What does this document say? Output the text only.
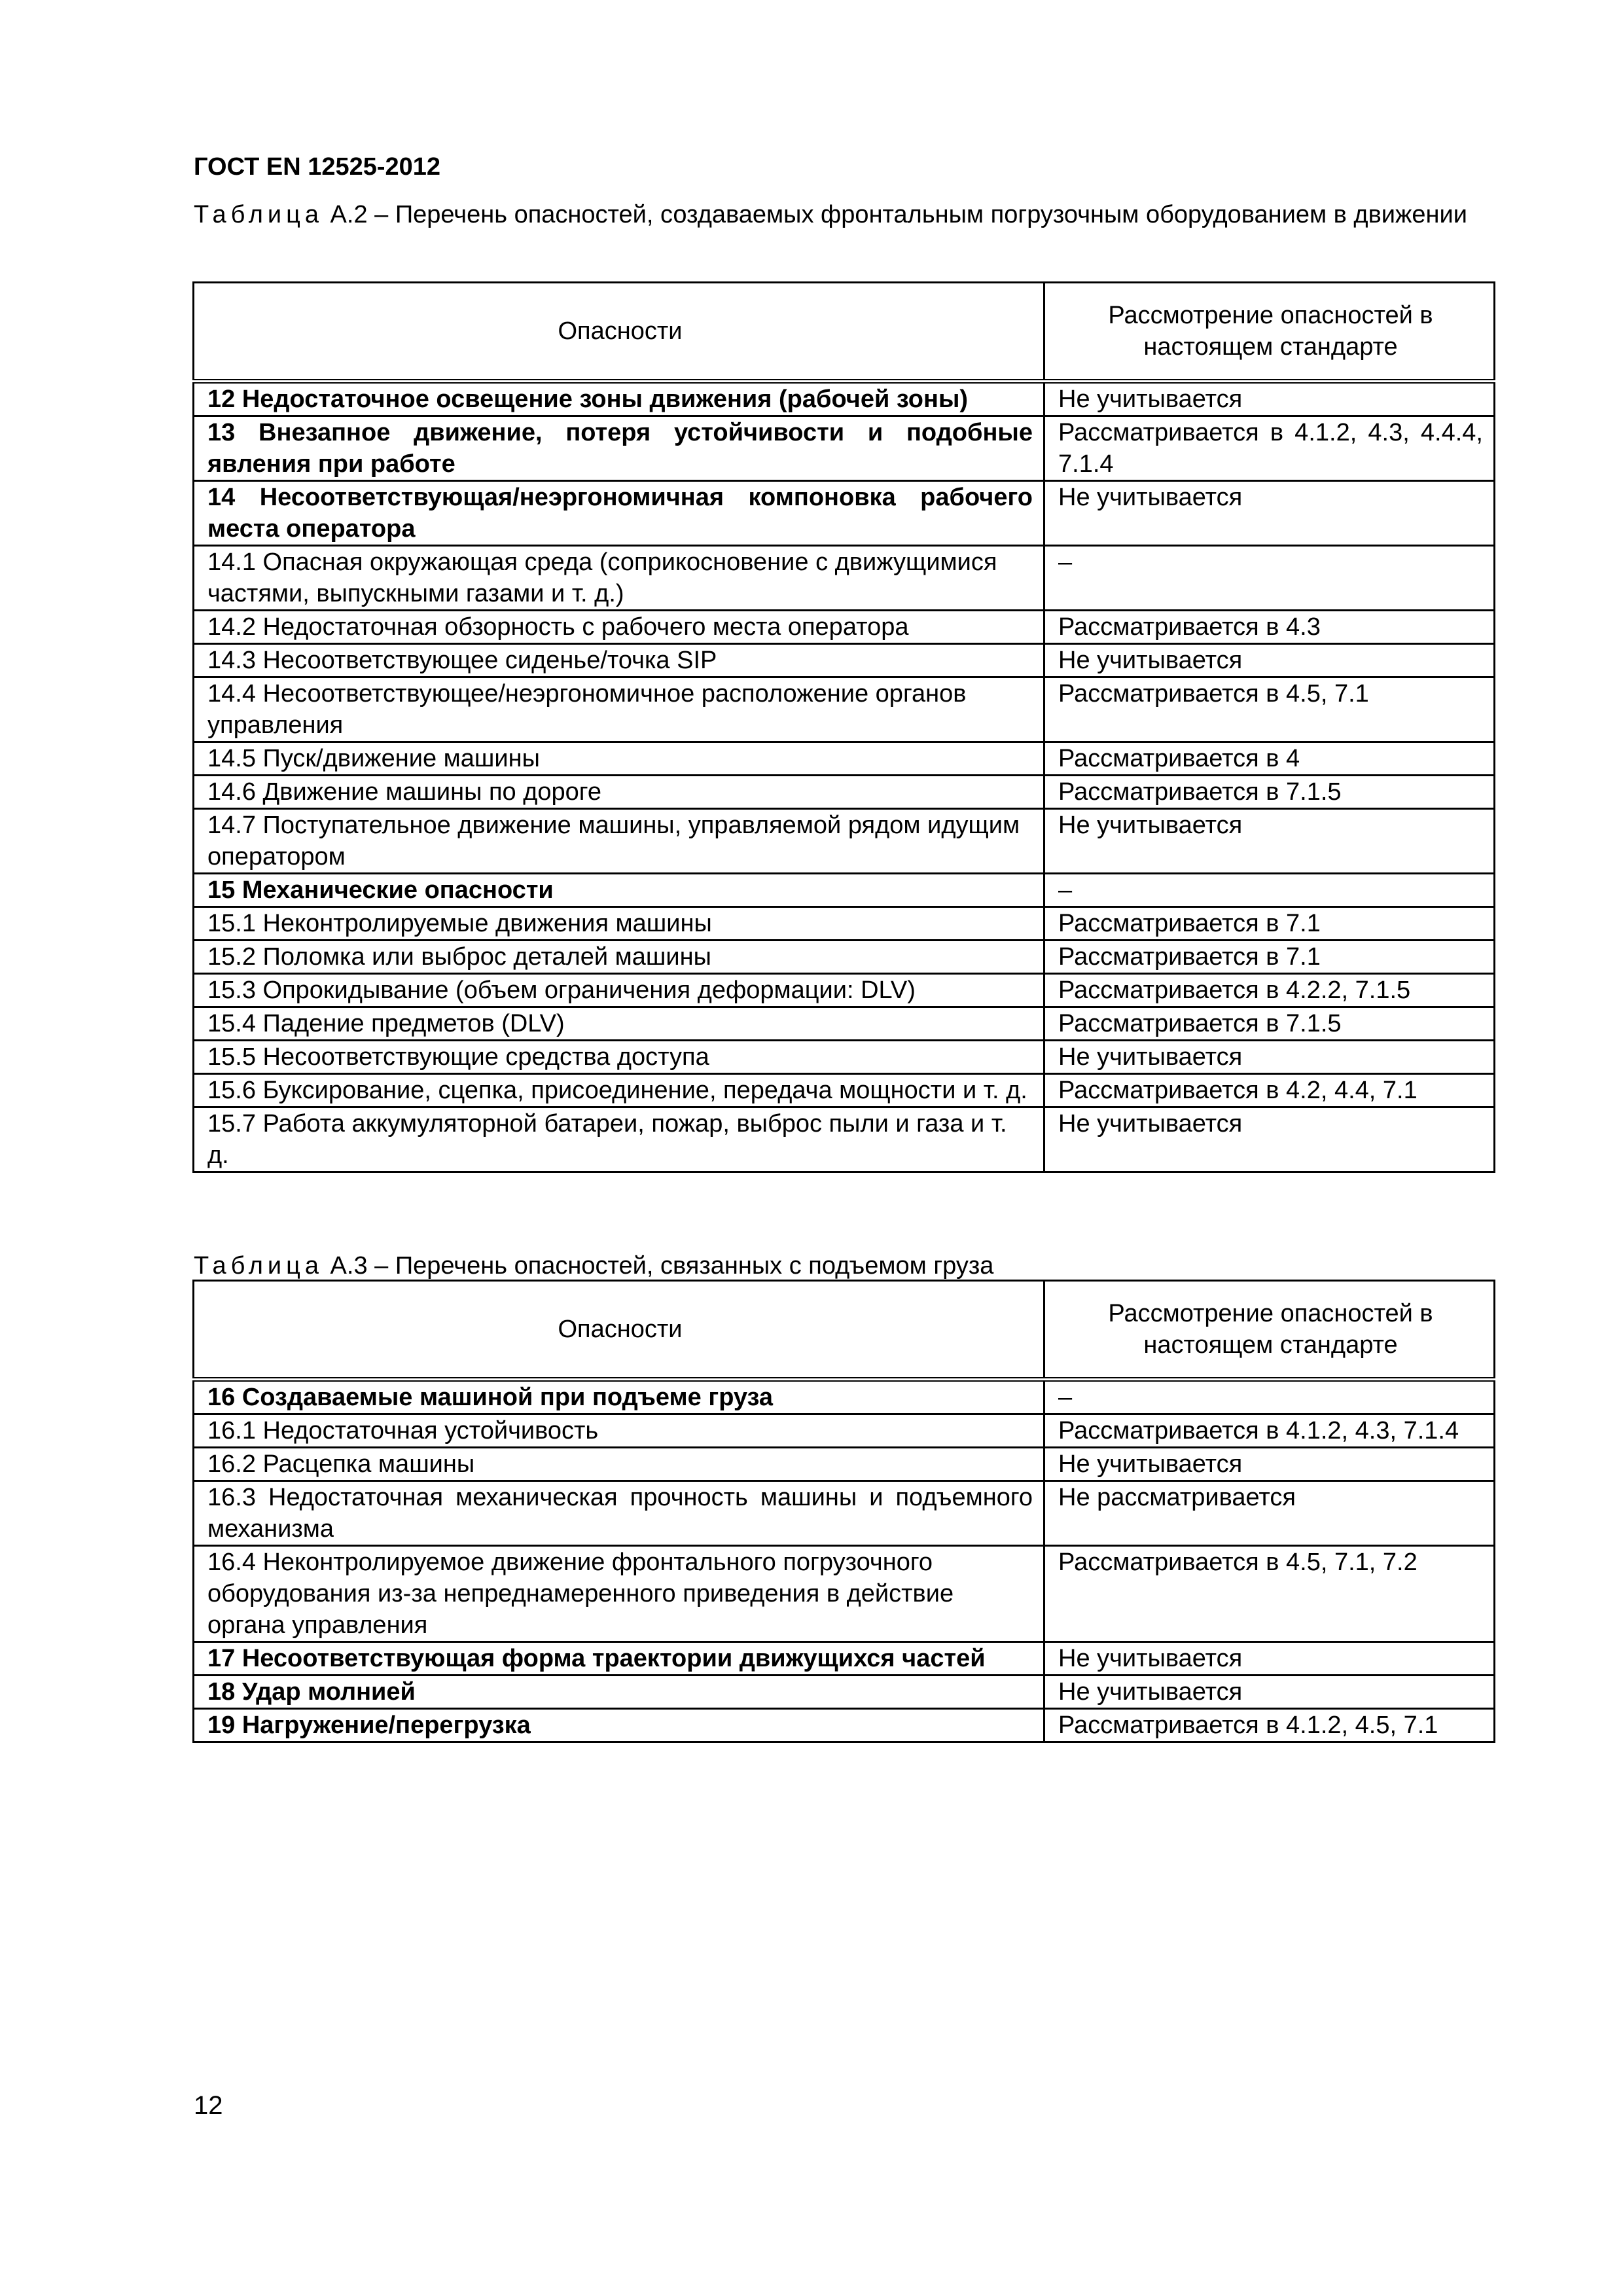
ГОСТ EN 12525-2012
Таблица А.2 – Перечень опасностей, создаваемых фронтальным погрузочным оборудованием в движении
Опасности	Рассмотрение опасностей в настоящем стандарте
12 Недостаточное освещение зоны движения (рабочей зоны)	Не учитывается
13 Внезапное движение, потеря устойчивости и подобные явления при работе	Рассматривается в 4.1.2, 4.3, 4.4.4, 7.1.4
14 Несоответствующая/неэргономичная компоновка рабочего места оператора	Не учитывается
14.1 Опасная окружающая среда (соприкосновение с движущимися частями, выпускными газами и т. д.)	–
14.2 Недостаточная обзорность с рабочего места оператора	Рассматривается в 4.3
14.3 Несоответствующее сиденье/точка SIP	Не учитывается
14.4 Несоответствующее/неэргономичное расположение органов управления	Рассматривается в 4.5, 7.1
14.5 Пуск/движение машины	Рассматривается в 4
14.6 Движение машины по дороге	Рассматривается в 7.1.5
14.7 Поступательное движение машины, управляемой рядом идущим оператором	Не учитывается
15 Механические опасности	–
15.1 Неконтролируемые движения машины	Рассматривается в 7.1
15.2 Поломка или выброс деталей машины	Рассматривается в 7.1
15.3 Опрокидывание (объем ограничения деформации: DLV)	Рассматривается в 4.2.2, 7.1.5
15.4 Падение предметов (DLV)	Рассматривается в 7.1.5
15.5 Несоответствующие средства доступа	Не учитывается
15.6 Буксирование, сцепка, присоединение, передача мощности и т. д.	Рассматривается в 4.2, 4.4, 7.1
15.7 Работа аккумуляторной батареи, пожар, выброс пыли и газа и т. д.	Не учитывается
Таблица А.3 – Перечень опасностей, связанных с подъемом груза
Опасности	Рассмотрение опасностей в настоящем стандарте
16 Создаваемые машиной при подъеме груза	–
16.1 Недостаточная устойчивость	Рассматривается в 4.1.2, 4.3, 7.1.4
16.2 Расцепка машины	Не учитывается
16.3 Недостаточная механическая прочность машины и подъемного механизма	Не рассматривается
16.4 Неконтролируемое движение фронтального погрузочного оборудования из-за непреднамеренного приведения в действие органа управления	Рассматривается в 4.5, 7.1, 7.2
17 Несоответствующая форма траектории движущихся частей	Не учитывается
18 Удар молнией	Не учитывается
19 Нагружение/перегрузка	Рассматривается в 4.1.2, 4.5, 7.1
12
